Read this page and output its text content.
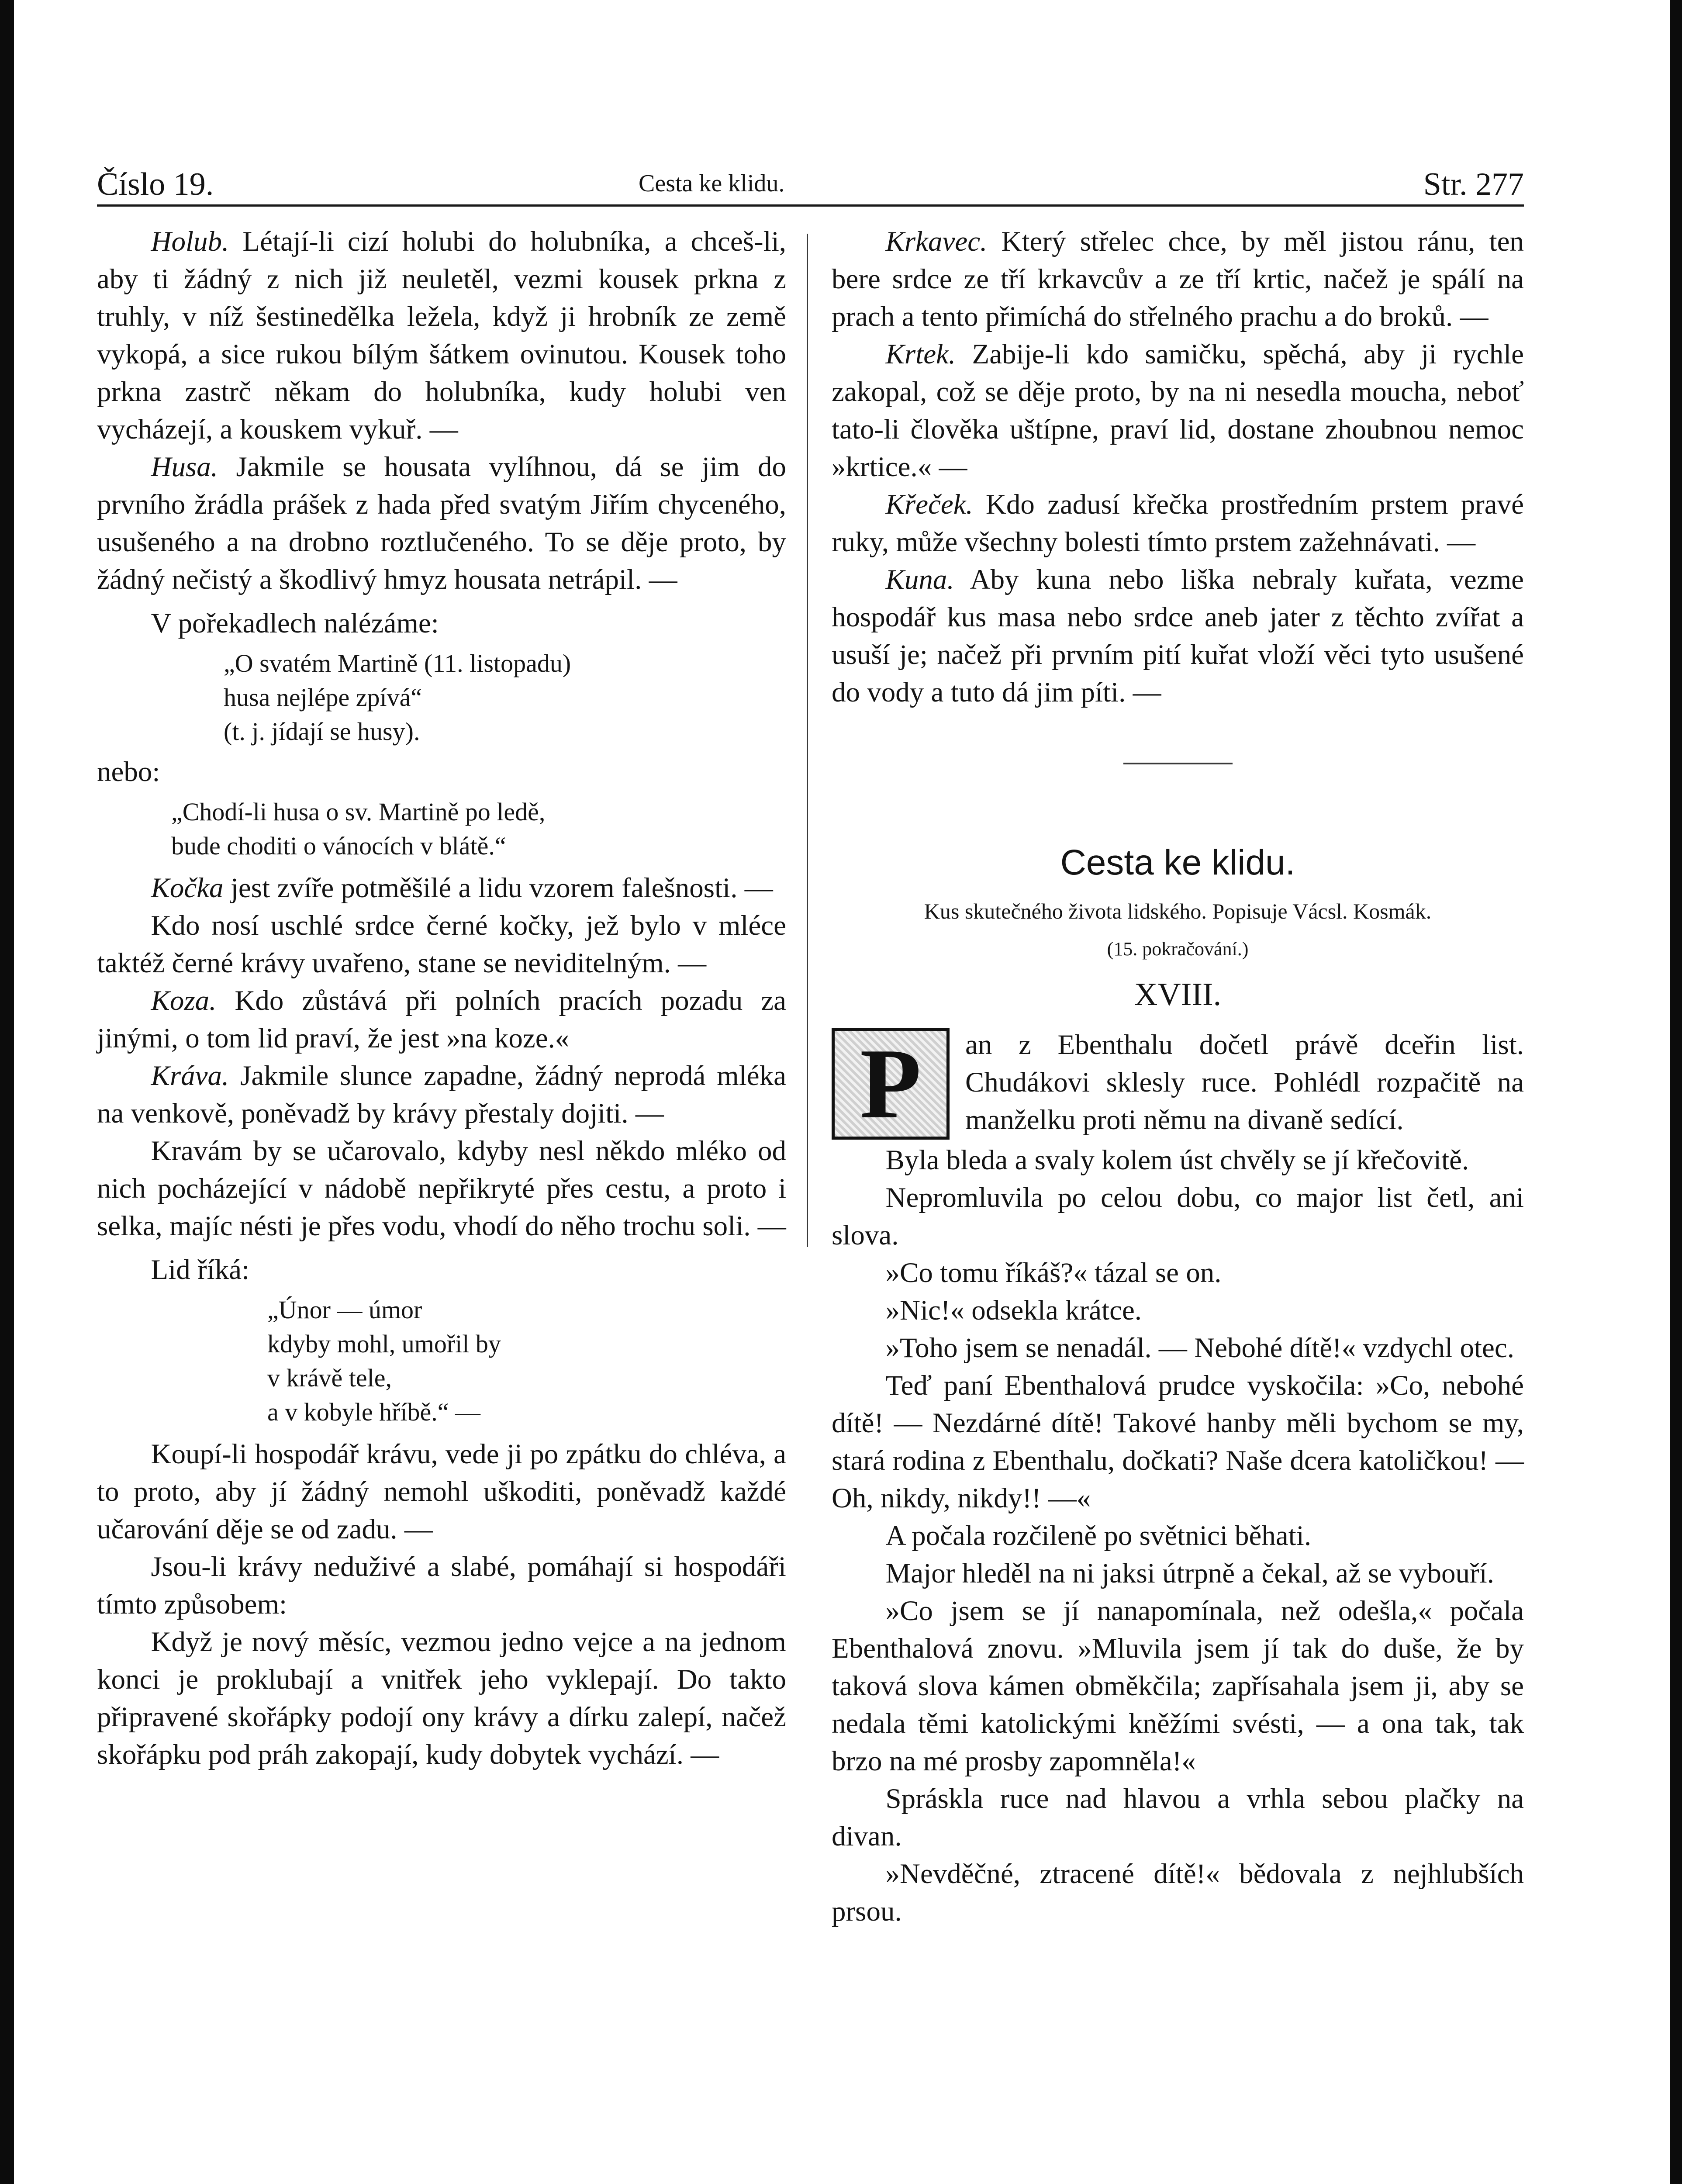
Číslo 19.	Cesta ke klidu.	Str. 277

Holub. Létají-li cizí holubi do holubníka, a chceš-li, aby ti žádný z nich již neuletěl, vezmi kousek prkna z truhly, v níž šestinedělka ležela, když ji hrobník ze země vykopá, a sice rukou bílým šátkem ovinutou. Kousek toho prkna zastrč někam do holubníka, kudy holubi ven vycházejí, a kouskem vykuř. —

Husa. Jakmile se housata vylíhnou, dá se jim do prvního žrádla prášek z hada před svatým Jiřím chyceného, usušeného a na drobno roztlučeného. To se děje proto, by žádný nečistý a škodlivý hmyz housata netrápil. —

V pořekadlech nalézáme:

„O svatém Martině (11. listopadu)
husa nejlépe zpívá“
(t. j. jídají se husy).

nebo:

„Chodí-li husa o sv. Martině po ledě,
bude choditi o vánocích v blátě.“

Kočka jest zvíře potměšilé a lidu vzorem falešnosti. —

Kdo nosí uschlé srdce černé kočky, jež bylo v mléce taktéž černé krávy uvařeno, stane se neviditelným. —

Koza. Kdo zůstává při polních pracích pozadu za jinými, o tom lid praví, že jest »na koze.«

Kráva. Jakmile slunce zapadne, žádný neprodá mléka na venkově, poněvadž by krávy přestaly dojiti. —

Kravám by se učarovalo, kdyby nesl někdo mléko od nich pocházející v nádobě nepřikryté přes cestu, a proto i selka, majíc nésti je přes vodu, vhodí do něho trochu soli. —

Lid říká:

„Únor — úmor
kdyby mohl, umořil by
v krávě tele,
a v kobyle hříbě.“ —

Koupí-li hospodář krávu, vede ji po zpátku do chléva, a to proto, aby jí žádný nemohl uškoditi, poněvadž každé učarování děje se od zadu. —

Jsou-li krávy neduživé a slabé, pomáhají si hospodáři tímto způsobem:

Když je nový měsíc, vezmou jedno vejce a na jednom konci je proklubají a vnitřek jeho vyklepají. Do takto připravené skořápky podojí ony krávy a dírku zalepí, načež skořápku pod práh zakopají, kudy dobytek vychází. —

Krkavec. Který střelec chce, by měl jistou ránu, ten bere srdce ze tří krkavcův a ze tří krtic, načež je spálí na prach a tento přimíchá do střelného prachu a do broků. —

Krtek. Zabije-li kdo samičku, spěchá, aby ji rychle zakopal, což se děje proto, by na ni nesedla moucha, neboť tato-li člověka uštípne, praví lid, dostane zhoubnou nemoc »krtice.« —

Křeček. Kdo zadusí křečka prostředním prstem pravé ruky, může všechny bolesti tímto prstem zažehnávati. —

Kuna. Aby kuna nebo liška nebraly kuřata, vezme hospodář kus masa nebo srdce aneb jater z těchto zvířat a usuší je; načež při prvním pití kuřat vloží věci tyto usušené do vody a tuto dá jim píti. —

Cesta ke klidu.
Kus skutečného života lidského. Popisuje Vácsl. Kosmák.
(15. pokračování.)
XVIII.

P an z Ebenthalu dočetl právě dceřin list. Chudákovi sklesly ruce. Pohlédl rozpačitě na manželku proti němu na divaně sedící.

Byla bleda a svaly kolem úst chvěly se jí křečovitě.

Nepromluvila po celou dobu, co major list četl, ani slova.

»Co tomu říkáš?« tázal se on.

»Nic!« odsekla krátce.

»Toho jsem se nenadál. — Nebohé dítě!« vzdychl otec.

Teď paní Ebenthalová prudce vyskočila: »Co, nebohé dítě! — Nezdárné dítě! Takové hanby měli bychom se my, stará rodina z Ebenthalu, dočkati? Naše dcera katoličkou! — Oh, nikdy, nikdy!! —«

A počala rozčileně po světnici běhati.

Major hleděl na ni jaksi útrpně a čekal, až se vybouří.

»Co jsem se jí nanapomínala, než odešla,« počala Ebenthalová znovu. »Mluvila jsem jí tak do duše, že by taková slova kámen obměkčila; zapřísahala jsem ji, aby se nedala těmi katolickými kněžími svésti, — a ona tak, tak brzo na mé prosby zapomněla!«

Spráskla ruce nad hlavou a vrhla sebou plačky na divan.

»Nevděčné, ztracené dítě!« bědovala z nejhlubších prsou.
